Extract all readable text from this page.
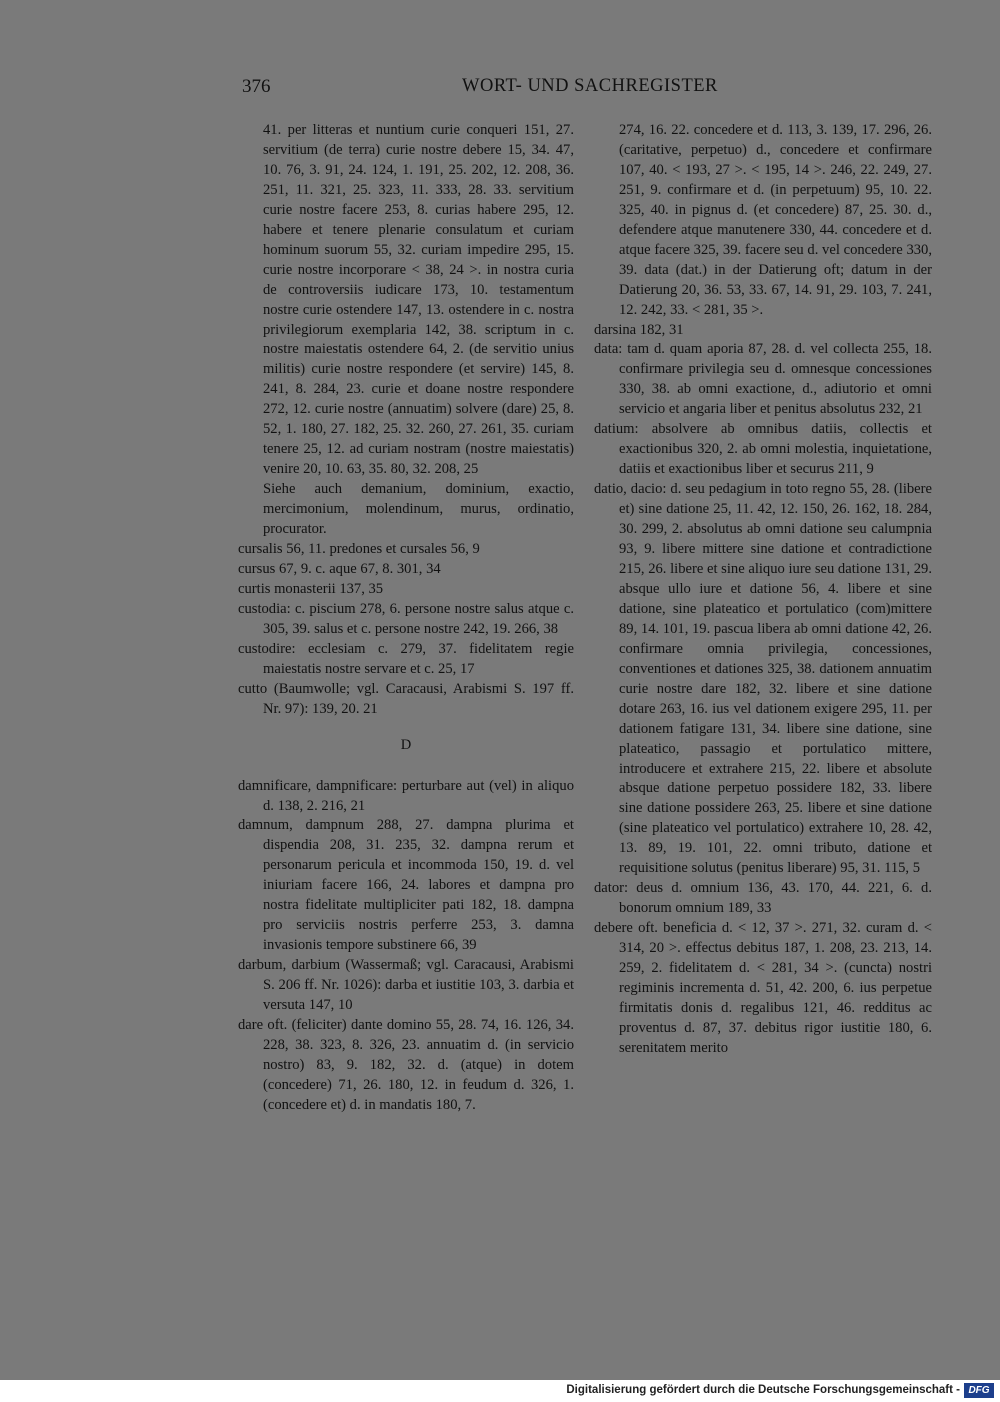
376	WORT- UND SACHREGISTER

41. per litteras et nuntium curie conqueri 151, 27. servitium (de terra) curie nostre debere 15, 34. 47, 10. 76, 3. 91, 24. 124, 1. 191, 25. 202, 12. 208, 36. 251, 11. 321, 25. 323, 11. 333, 28. 33. servitium curie nostre facere 253, 8. curias habere 295, 12. habere et tenere plenarie consulatum et curiam hominum suorum 55, 32. curiam impedire 295, 15. curie nostre incorporare < 38, 24 >. in nostra curia de controversiis iudicare 173, 10. testamentum nostre curie ostendere 147, 13. ostendere in c. nostra privilegiorum exemplaria 142, 38. scriptum in c. nostre maiestatis ostendere 64, 2. (de servitio unius militis) curie nostre respondere (et servire) 145, 8. 241, 8. 284, 23. curie et doane nostre respondere 272, 12. curie nostre (annuatim) solvere (dare) 25, 8. 52, 1. 180, 27. 182, 25. 32. 260, 27. 261, 35. curiam tenere 25, 12. ad curiam nostram (nostre maiestatis) venire 20, 10. 63, 35. 80, 32. 208, 25

Siehe auch demanium, dominium, exactio, mercimonium, molendinum, murus, ordinatio, procurator.

cursalis 56, 11. predones et cursales 56, 9

cursus 67, 9. c. aque 67, 8. 301, 34

curtis monasterii 137, 35

custodia: c. piscium 278, 6. persone nostre salus atque c. 305, 39. salus et c. persone nostre 242, 19. 266, 38

custodire: ecclesiam c. 279, 37. fidelitatem regie maiestatis nostre servare et c. 25, 17

cutto (Baumwolle; vgl. Caracausi, Arabismi S. 197 ff. Nr. 97): 139, 20. 21

D

damnificare, dampnificare: perturbare aut (vel) in aliquo d. 138, 2. 216, 21

damnum, dampnum 288, 27. dampna plurima et dispendia 208, 31. 235, 32. dampna rerum et personarum pericula et incommoda 150, 19. d. vel iniuriam facere 166, 24. labores et dampna pro nostra fidelitate multipliciter pati 182, 18. dampna pro serviciis nostris perferre 253, 3. damna invasionis tempore substinere 66, 39

darbum, darbium (Wassermaß; vgl. Caracausi, Arabismi S. 206 ff. Nr. 1026): darba et iustitie 103, 3. darbia et versuta 147, 10

dare oft. (feliciter) dante domino 55, 28. 74, 16. 126, 34. 228, 38. 323, 8. 326, 23. annuatim d. (in servicio nostro) 83, 9. 182, 32. d. (atque) in dotem (concedere) 71, 26. 180, 12. in feudum d. 326, 1. (concedere et) d. in mandatis 180, 7.

274, 16. 22. concedere et d. 113, 3. 139, 17. 296, 26. (caritative, perpetuo) d., concedere et confirmare 107, 40. < 193, 27 >. < 195, 14 >. 246, 22. 249, 27. 251, 9. confirmare et d. (in perpetuum) 95, 10. 22. 325, 40. in pignus d. (et concedere) 87, 25. 30. d., defendere atque manutenere 330, 44. concedere et d. atque facere 325, 39. facere seu d. vel concedere 330, 39. data (dat.) in der Datierung oft; datum in der Datierung 20, 36. 53, 33. 67, 14. 91, 29. 103, 7. 241, 12. 242, 33. < 281, 35 >.

darsina 182, 31

data: tam d. quam aporia 87, 28. d. vel collecta 255, 18. confirmare privilegia seu d. omnesque concessiones 330, 38. ab omni exactione, d., adiutorio et omni servicio et angaria liber et penitus absolutus 232, 21

datium: absolvere ab omnibus datiis, collectis et exactionibus 320, 2. ab omni molestia, inquietatione, datiis et exactionibus liber et securus 211, 9

datio, dacio: d. seu pedagium in toto regno 55, 28. (libere et) sine datione 25, 11. 42, 12. 150, 26. 162, 18. 284, 30. 299, 2. absolutus ab omni datione seu calumpnia 93, 9. libere mittere sine datione et contradictione 215, 26. libere et sine aliquo iure seu datione 131, 29. absque ullo iure et datione 56, 4. libere et sine datione, sine plateatico et portulatico (com)mittere 89, 14. 101, 19. pascua libera ab omni datione 42, 26. confirmare omnia privilegia, concessiones, conventiones et dationes 325, 38. dationem annuatim curie nostre dare 182, 32. libere et sine datione dotare 263, 16. ius vel dationem exigere 295, 11. per dationem fatigare 131, 34. libere sine datione, sine plateatico, passagio et portulatico mittere, introducere et extrahere 215, 22. libere et absolute absque datione perpetuo possidere 182, 33. libere sine datione possidere 263, 25. libere et sine datione (sine plateatico vel portulatico) extrahere 10, 28. 42, 13. 89, 19. 101, 22. omni tributo, datione et requisitione solutus (penitus liberare) 95, 31. 115, 5

dator: deus d. omnium 136, 43. 170, 44. 221, 6. d. bonorum omnium 189, 33

debere oft. beneficia d. < 12, 37 >. 271, 32. curam d. < 314, 20 >. effectus debitus 187, 1. 208, 23. 213, 14. 259, 2. fidelitatem d. < 281, 34 >. (cuncta) nostri regiminis incrementa d. 51, 42. 200, 6. ius perpetue firmitatis donis d. regalibus 121, 46. redditus ac proventus d. 87, 37. debitus rigor iustitie 180, 6. serenitatem merito

Digitalisierung gefördert durch die Deutsche Forschungsgemeinschaft - DFG
